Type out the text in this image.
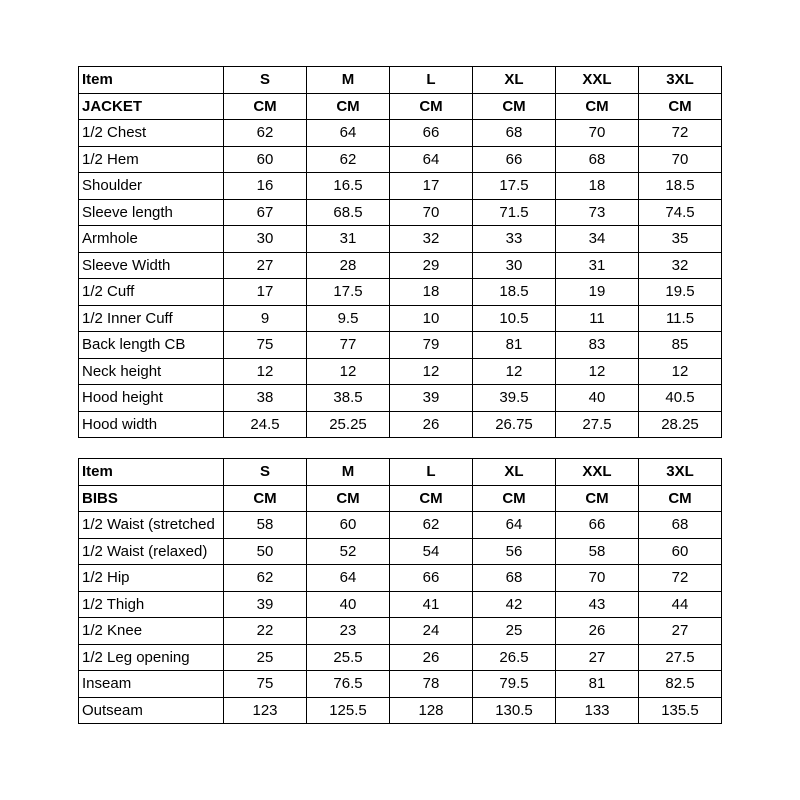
Item	S	M	L	XL	XXL	3XL
JACKET	CM	CM	CM	CM	CM	CM
1/2 Chest	62	64	66	68	70	72
1/2 Hem	60	62	64	66	68	70
Shoulder	16	16.5	17	17.5	18	18.5
Sleeve length	67	68.5	70	71.5	73	74.5
Armhole	30	31	32	33	34	35
Sleeve Width	27	28	29	30	31	32
1/2 Cuff	17	17.5	18	18.5	19	19.5
1/2 Inner Cuff	9	9.5	10	10.5	11	11.5
Back length CB	75	77	79	81	83	85
Neck height	12	12	12	12	12	12
Hood height	38	38.5	39	39.5	40	40.5
Hood width	24.5	25.25	26	26.75	27.5	28.25
Item	S	M	L	XL	XXL	3XL
BIBS	CM	CM	CM	CM	CM	CM
1/2 Waist (stretched	58	60	62	64	66	68
1/2 Waist (relaxed)	50	52	54	56	58	60
1/2 Hip	62	64	66	68	70	72
1/2 Thigh	39	40	41	42	43	44
1/2 Knee	22	23	24	25	26	27
1/2 Leg opening	25	25.5	26	26.5	27	27.5
Inseam	75	76.5	78	79.5	81	82.5
Outseam	123	125.5	128	130.5	133	135.5
